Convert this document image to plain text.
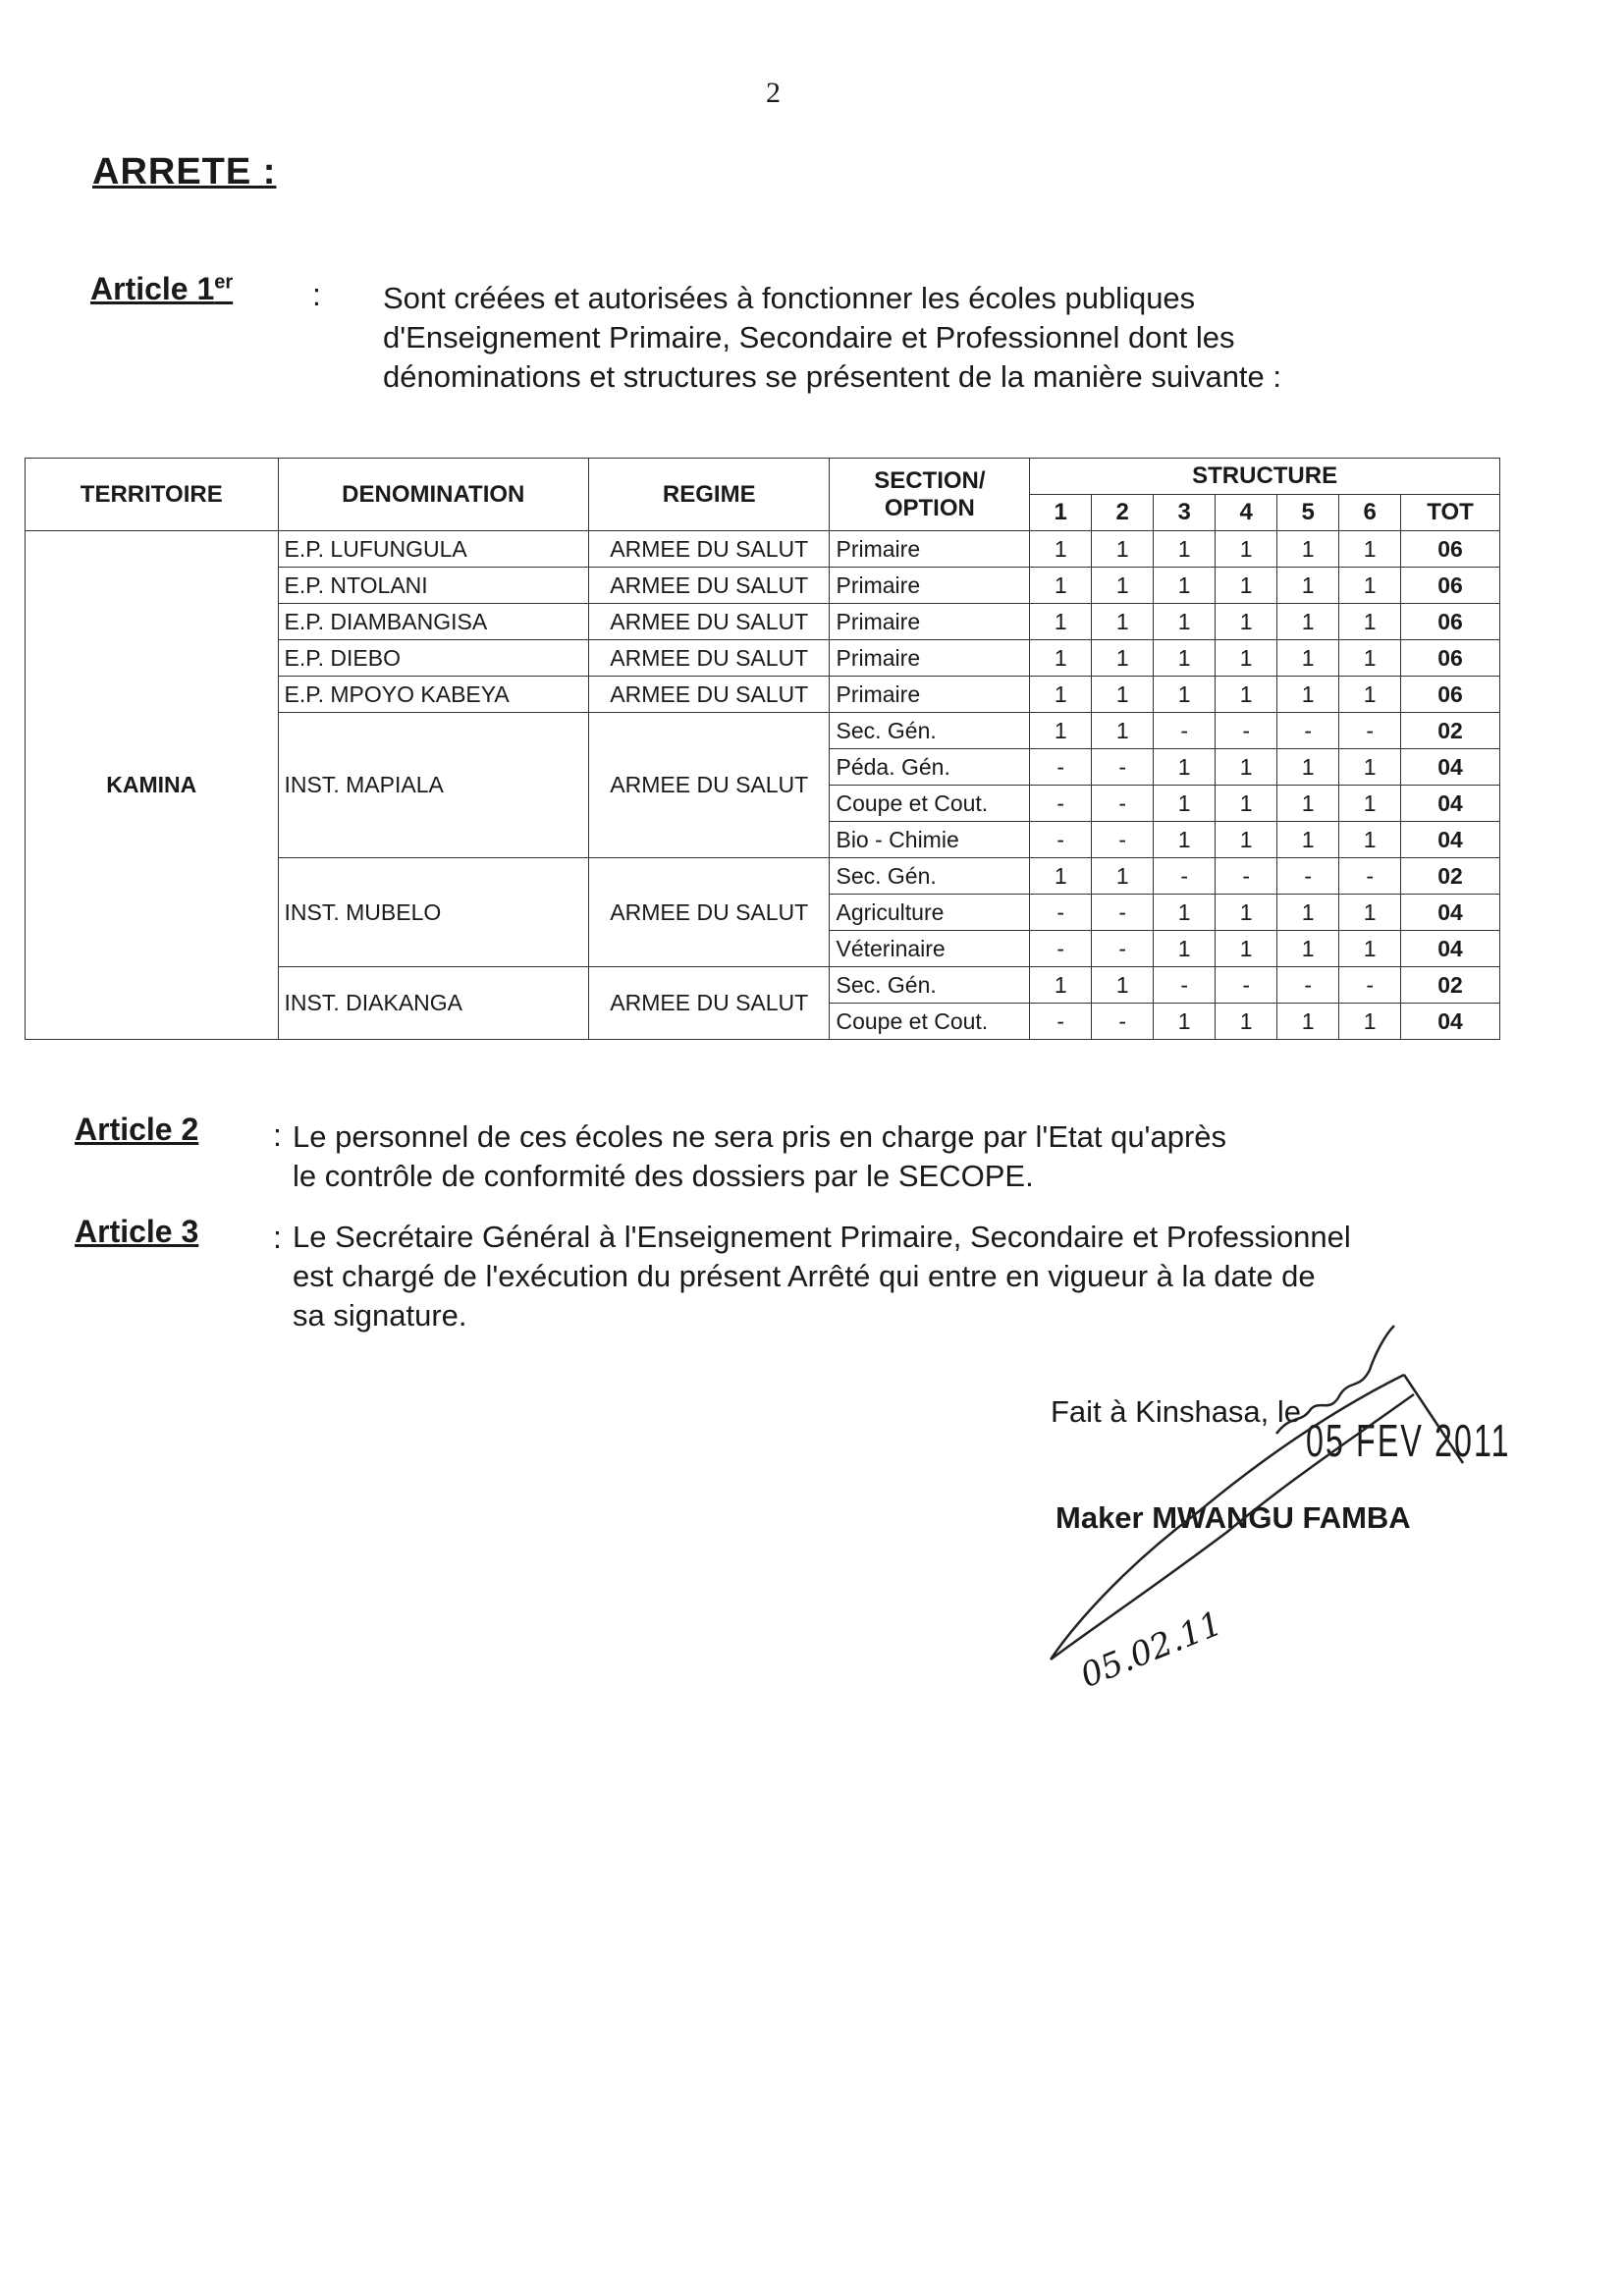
2
ARRETE :
Article 1er	: Sont créées et autorisées à fonctionner les écoles publiques
d'Enseignement Primaire, Secondaire et Professionnel dont les
dénominations et structures se présentent de la manière suivante :
TERRITOIRE	DENOMINATION	REGIME	SECTION/ OPTION	STRUCTURE						
				1	2	3	4	5	6	TOT
KAMINA	E.P. LUFUNGULA	ARMEE DU SALUT	Primaire	1	1	1	1	1	1	06
	E.P. NTOLANI	ARMEE DU SALUT	Primaire	1	1	1	1	1	1	06
	E.P. DIAMBANGISA	ARMEE DU SALUT	Primaire	1	1	1	1	1	1	06
	E.P. DIEBO	ARMEE DU SALUT	Primaire	1	1	1	1	1	1	06
	E.P. MPOYO KABEYA	ARMEE DU SALUT	Primaire	1	1	1	1	1	1	06
	INST. MAPIALA	ARMEE DU SALUT	Sec. Gén.	1	1	-	-	-	-	02
			Péda. Gén.	-	-	1	1	1	1	04
			Coupe et Cout.	-	-	1	1	1	1	04
			Bio - Chimie	-	-	1	1	1	1	04
	INST. MUBELO	ARMEE DU SALUT	Sec. Gén.	1	1	-	-	-	-	02
			Agriculture	-	-	1	1	1	1	04
			Véterinaire	-	-	1	1	1	1	04
	INST. DIAKANGA	ARMEE DU SALUT	Sec. Gén.	1	1	-	-	-	-	02
			Coupe et Cout.	-	-	1	1	1	1	04
Article 2 : Le personnel de ces écoles ne sera pris en charge par l'Etat qu'après
le contrôle de conformité des dossiers par le SECOPE.
Article 3 : Le Secrétaire Général à l'Enseignement Primaire, Secondaire et Professionnel
est chargé de l'exécution du présent Arrêté qui entre en vigueur à la date de
sa signature.
Fait à Kinshasa, le
05 FEV 2011
Maker MWANGU FAMBA
05.02.11
